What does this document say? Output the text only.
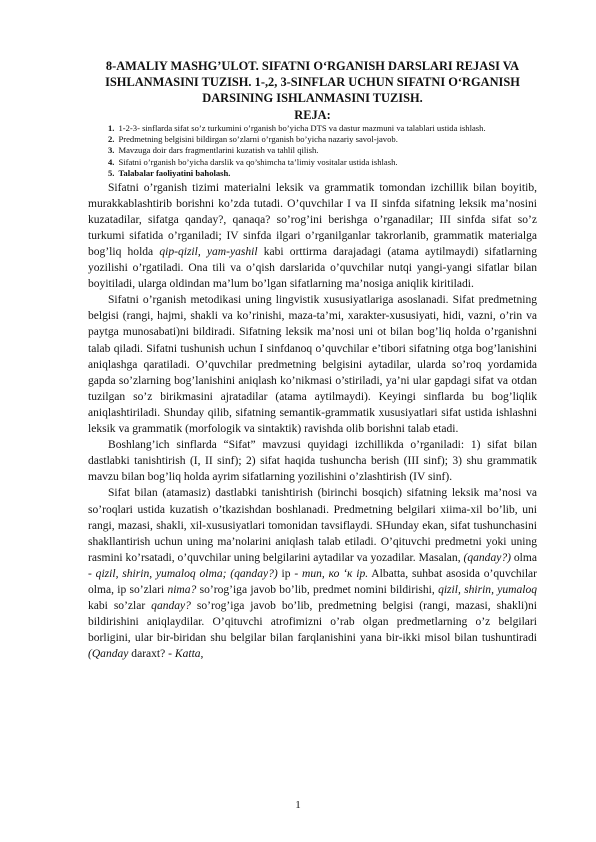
8-AMALIY MASHG’ULOT. SIFATNI O‘RGANISH DARSLARI REJASI VA ISHLANMASINI TUZISH. 1-,2, 3-SINFLAR UCHUN SIFATNI O‘RGANISH DARSINING ISHLANMASINI TUZISH.
REJA:
1. 1-2-3- sinflarda sifat so’z turkumini o’rganish bo’yicha DTS va dastur mazmuni va talablari ustida ishlash.
2. Predmetning belgisini bildirgan so’zlarni o’rganish bo’yicha nazariy savol-javob.
3. Mavzuga doir dars fragmentlarini kuzatish va tahlil qilish.
4. Sifatni o’rganish bo’yicha darslik va qo’shimcha ta’limiy vositalar ustida ishlash.
5. Talabalar faoliyatini baholash.

Sifatni o’rganish tizimi materialni leksik va grammatik tomondan izchillik bilan boyitib, murakkablashtirib borishni ko’zda tutadi. O’quvchilar I va II sinfda sifatning leksik ma’nosini kuzatadilar, sifatga qanday?, qanaqa? so’rog’ini berishga o’rganadilar; III sinfda sifat so’z turkumi sifatida o’rganiladi; IV sinfda ilgari o’rganilganlar takrorlanib, grammatik materialga bog’liq holda qip-qizil, yam-yashil kabi orttirma darajadagi (atama aytilmaydi) sifatlarning yozilishi o’rgatiladi. Ona tili va o’qish darslarida o’quvchilar nutqi yangi-yangi sifatlar bilan boyitiladi, ularga oldindan ma’lum bo’lgan sifatlarning ma’nosiga aniqlik kiritiladi.

Sifatni o’rganish metodikasi uning lingvistik xususiyatlariga asoslanadi. Sifat predmetning belgisi (rangi, hajmi, shakli va ko’rinishi, maza-ta’mi, xarakter-xususiyati, hidi, vazni, o’rin va paytga munosabati)ni bildiradi. Sifatning leksik ma’nosi uni ot bilan bog’liq holda o’rganishni talab qiladi. Sifatni tushunish uchun I sinfdanoq o’quvchilar e’tibori sifatning otga bog’lanishini aniqlashga qaratiladi. O’quvchilar predmetning belgisini aytadilar, ularda so’roq yordamida gapda so’zlarning bog’lanishini aniqlash ko’nikmasi o’stiriladi, ya’ni ular gapdagi sifat va otdan tuzilgan so’z birikmasini ajratadilar (atama aytilmaydi). Keyingi sinflarda bu bog’liqlik aniqlashtiriladi. Shunday qilib, sifatning semantik-grammatik xususiyatlari sifat ustida ishlashni leksik va grammatik (morfologik va sintaktik) ravishda olib borishni talab etadi.

Boshlang’ich sinflarda “Sifat” mavzusi quyidagi izchillikda o’rganiladi: 1) sifat bilan dastlabki tanishtirish (I, II sinf); 2) sifat haqida tushuncha berish (III sinf); 3) shu grammatik mavzu bilan bog’liq holda ayrim sifatlarning yozilishini o’zlashtirish (IV sinf).

Sifat bilan (atamasiz) dastlabki tanishtirish (birinchi bosqich) sifatning leksik ma’nosi va so’roqlari ustida kuzatish o’tkazishdan boshlanadi. Predmetning belgilari xiima-xil bo’lib, uni rangi, mazasi, shakli, xil-xususiyatlari tomonidan tavsiflaydi. SHunday ekan, sifat tushunchasini shakllantirish uchun uning ma’nolarini aniqlash talab etiladi. O’qituvchi predmetni yoki uning rasmini ko’rsatadi, o’quvchilar uning belgilarini aytadilar va yozadilar. Masalan, (qanday?) olma - qizil, shirin, yumaloq olma; (qanday?) ip - тип, ко ‘к ip. Albatta, suhbat asosida o’quvchilar olma, ip so’zlari nima? so’rog’iga javob bo’lib, predmet nomini bildirishi, qizil, shirin, yumaloq kabi so’zlar qanday? so’rog’iga javob bo’lib, predmetning belgisi (rangi, mazasi, shakli)ni bildirishini aniqlaydilar. O’qituvchi atrofimizni o’rab olgan predmetlarning o’z belgilari borligini, ular bir-biridan shu belgilar bilan farqlanishini yana bir-ikki misol bilan tushuntiradi (Qanday daraxt? - Katta,

1
